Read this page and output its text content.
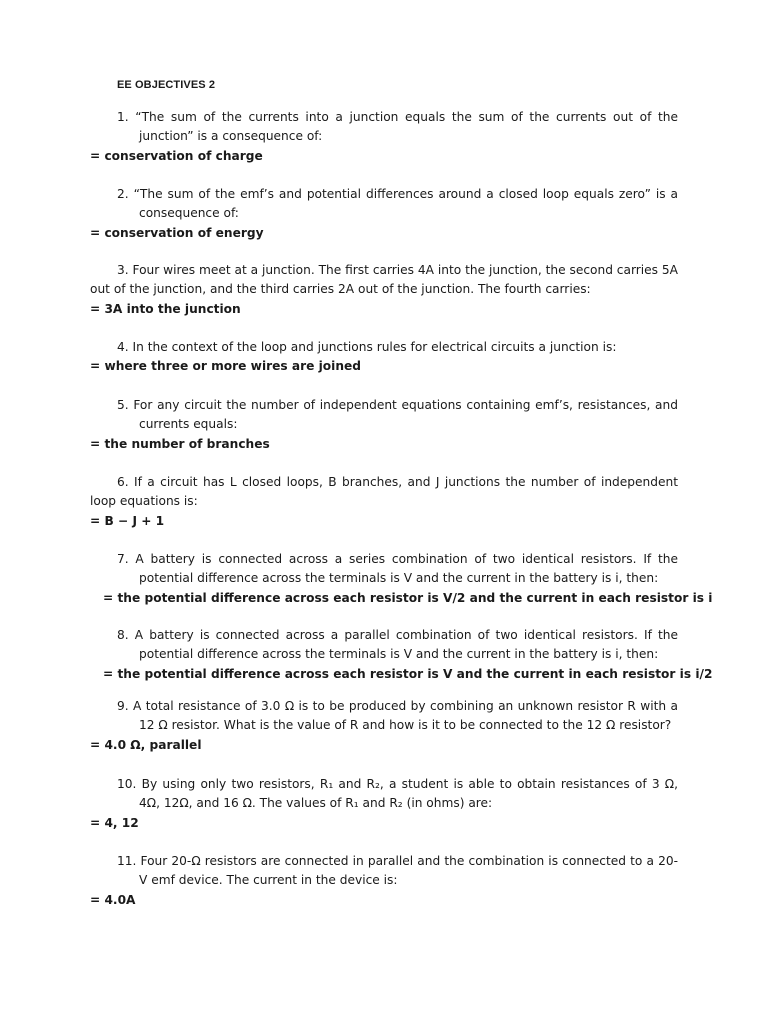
EE OBJECTIVES 2
1. “The sum of the currents into a junction equals the sum of the currents out of the junction” is a consequence of:
= conservation of charge
2. “The sum of the emf’s and potential differences around a closed loop equals zero” is a consequence of:
= conservation of energy
3. Four wires meet at a junction. The first carries 4A into the junction, the second carries 5A out of the junction, and the third carries 2A out of the junction. The fourth carries:
= 3A into the junction
4. In the context of the loop and junctions rules for electrical circuits a junction is:
= where three or more wires are joined
5. For any circuit the number of independent equations containing emf’s, resistances, and currents equals:
= the number of branches
6. If a circuit has L closed loops, B branches, and J junctions the number of independent loop equations is:
= B − J + 1
7. A battery is connected across a series combination of two identical resistors. If the potential difference across the terminals is V and the current in the battery is i, then:
= the potential difference across each resistor is V/2 and the current in each resistor is i
8. A battery is connected across a parallel combination of two identical resistors. If the potential difference across the terminals is V and the current in the battery is i, then:
= the potential difference across each resistor is V and the current in each resistor is i/2
9. A total resistance of 3.0 Ω is to be produced by combining an unknown resistor R with a 12 Ω resistor. What is the value of R and how is it to be connected to the 12 Ω resistor?
= 4.0 Ω, parallel
10. By using only two resistors, R₁ and R₂, a student is able to obtain resistances of 3 Ω, 4Ω, 12Ω, and 16 Ω. The values of R₁ and R₂ (in ohms) are:
= 4, 12
11. Four 20-Ω resistors are connected in parallel and the combination is connected to a 20-V emf device. The current in the device is:
= 4.0A
